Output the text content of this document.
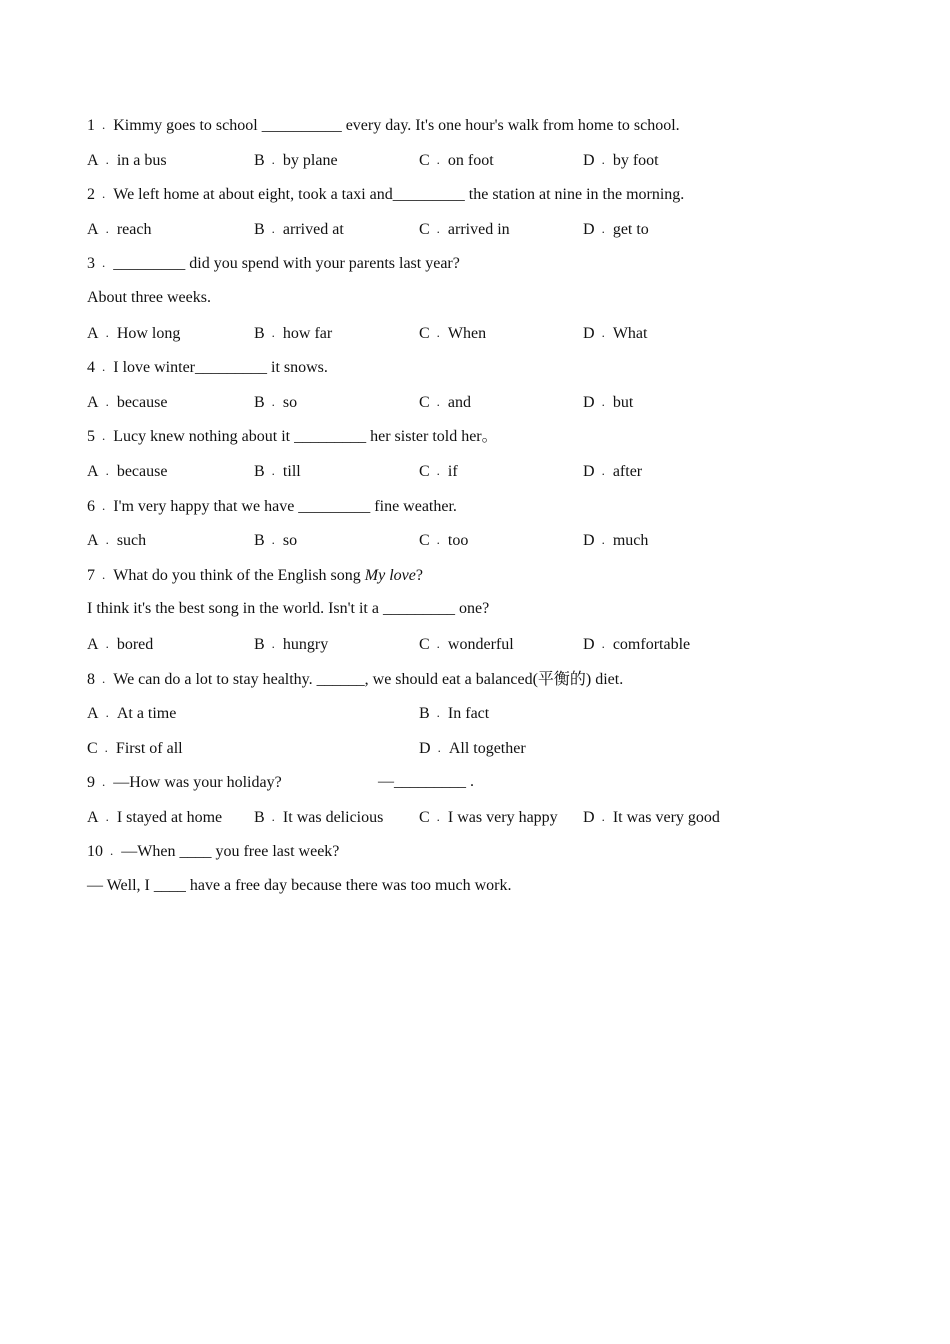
1 . Kimmy goes to school __________ every day. It's one hour's walk from home to school.
A . in a bus	B . by plane	C . on foot	D . by foot
2 . We left home at about eight, took a taxi and_________ the station at nine in the morning.
A . reach	B . arrived at	C . arrived in	D . get to
3 . _________ did you spend with your parents last year?
About three weeks.
A . How long	B . how far	C . When	D . What
4 . I love winter_________ it snows.
A . because	B . so	C . and	D . but
5 . Lucy knew nothing about it _________ her sister told her。
A . because	B . till	C . if	D . after
6 . I'm very happy that we have _________ fine weather.
A . such	B . so	C . too	D . much
7 . What do you think of the English song My love?
I think it's the best song in the world. Isn't it a _________ one?
A . bored	B . hungry	C . wonderful	D . comfortable
8 . We can do a lot to stay healthy. ______, we should eat a balanced(平衡的) diet.
A . At a time	B . In fact
C . First of all	D . All together
9 . —How was your holiday?	—_________ .
A . I stayed at home B . It was delicious C . I was very happy D . It was very good
10 . —When ____ you free last week?
— Well, I ____ have a free day because there was too much work.
